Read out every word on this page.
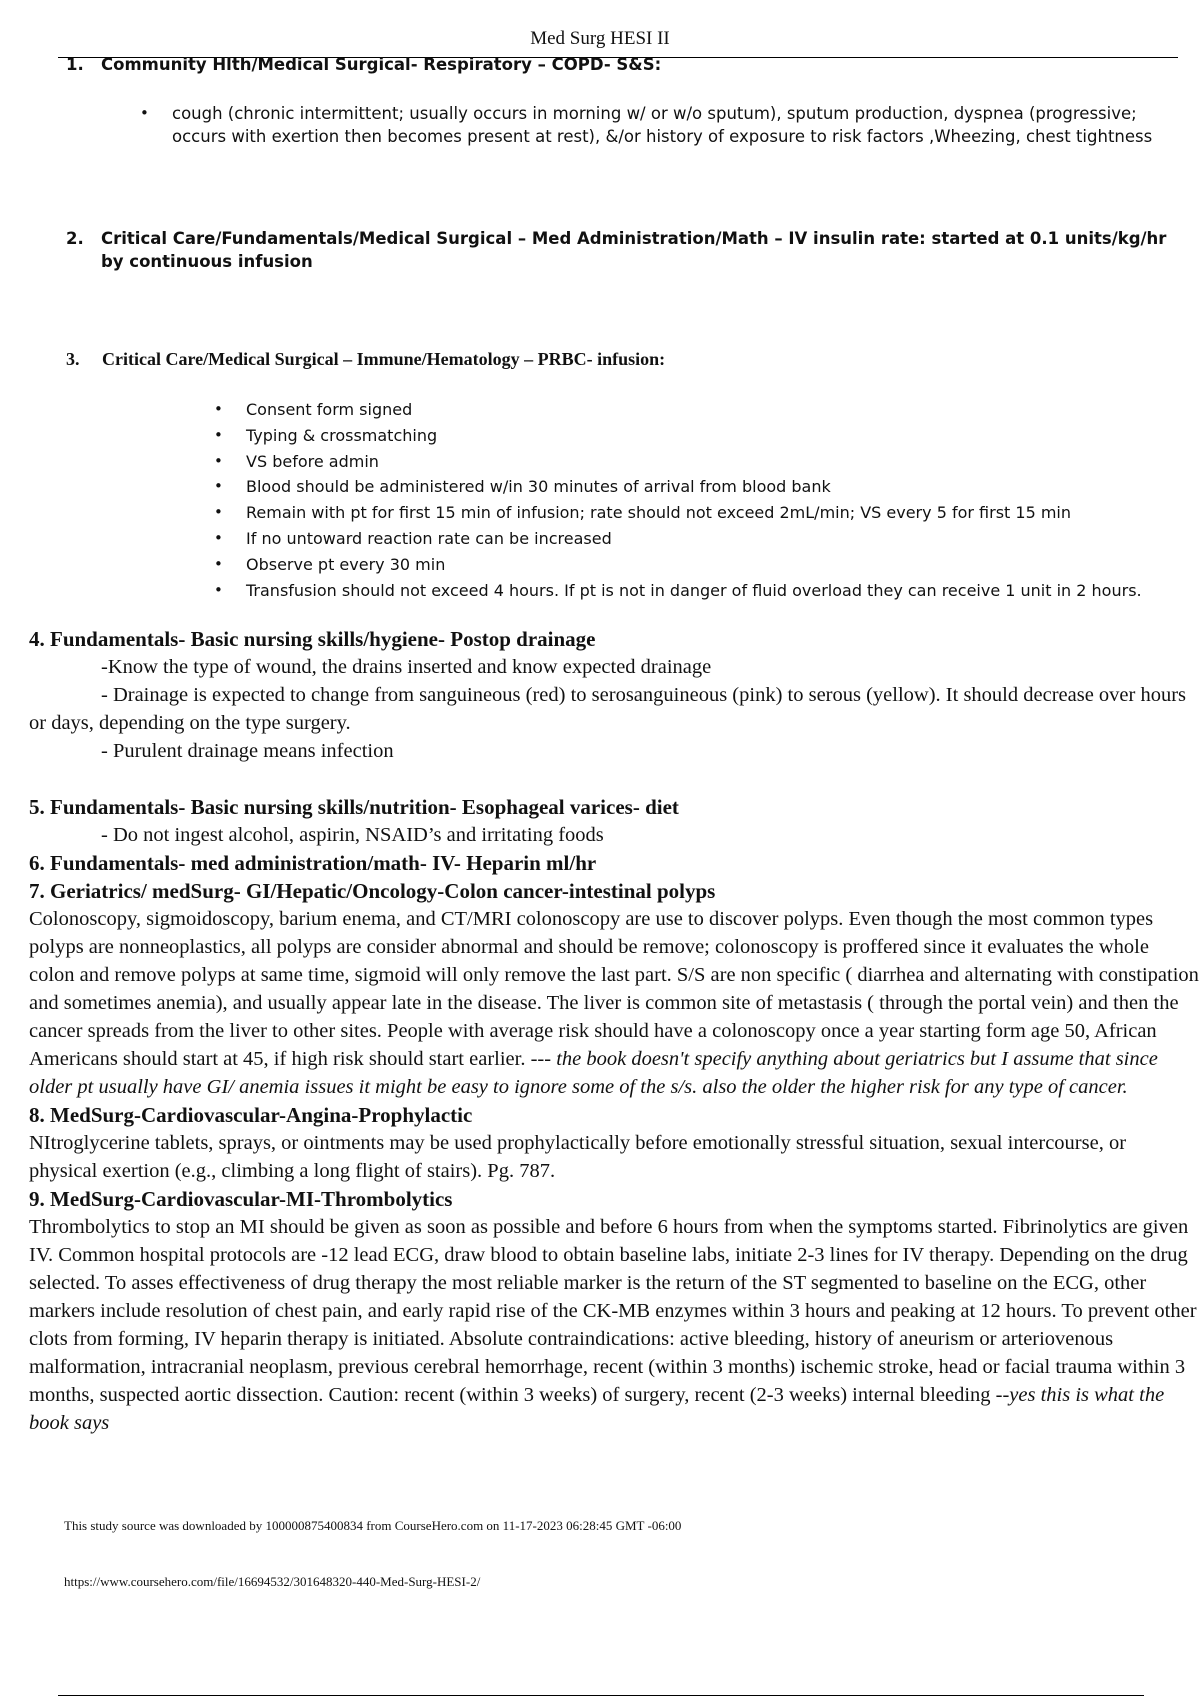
Med Surg HESI II
1. Community Hlth/Medical Surgical- Respiratory – COPD- S&S:
• cough (chronic intermittent; usually occurs in morning w/ or w/o sputum), sputum production, dyspnea (progressive; occurs with exertion then becomes present at rest), &/or history of exposure to risk factors ,Wheezing, chest tightness
2. Critical Care/Fundamentals/Medical Surgical – Med Administration/Math – IV insulin rate: started at 0.1 units/kg/hr by continuous infusion
3. Critical Care/Medical Surgical – Immune/Hematology – PRBC- infusion:
• Consent form signed
• Typing & crossmatching
• VS before admin
• Blood should be administered w/in 30 minutes of arrival from blood bank
• Remain with pt for first 15 min of infusion; rate should not exceed 2mL/min; VS every 5 for first 15 min
• If no untoward reaction rate can be increased
• Observe pt every 30 min
• Transfusion should not exceed 4 hours. If pt is not in danger of fluid overload they can receive 1 unit in 2 hours.
4. Fundamentals- Basic nursing skills/hygiene- Postop drainage
-Know the type of wound, the drains inserted and know expected drainage
- Drainage is expected to change from sanguineous (red) to serosanguineous (pink) to serous (yellow). It should decrease over hours or days, depending on the type surgery.
- Purulent drainage means infection
5. Fundamentals- Basic nursing skills/nutrition- Esophageal varices- diet
- Do not ingest alcohol, aspirin, NSAID’s and irritating foods
6. Fundamentals- med administration/math- IV- Heparin ml/hr
7. Geriatrics/ medSurg- GI/Hepatic/Oncology-Colon cancer-intestinal polyps
Colonoscopy, sigmoidoscopy, barium enema, and CT/MRI colonoscopy are use to discover polyps. Even though the most common types polyps are nonneoplastics, all polyps are consider abnormal and should be remove; colonoscopy is proffered since it evaluates the whole colon and remove polyps at same time, sigmoid will only remove the last part. S/S are non specific ( diarrhea and alternating with constipation and sometimes anemia), and usually appear late in the disease. The liver is common site of metastasis ( through the portal vein) and then the cancer spreads from the liver to other sites. People with average risk should have a colonoscopy once a year starting form age 50, African Americans should start at 45, if high risk should start earlier. --- the book doesn't specify anything about geriatrics but I assume that since older pt usually have GI/ anemia issues it might be easy to ignore some of the s/s. also the older the higher risk for any type of cancer.
8. MedSurg-Cardiovascular-Angina-Prophylactic
NItroglycerine tablets, sprays, or ointments may be used prophylactically before emotionally stressful situation, sexual intercourse, or physical exertion (e.g., climbing a long flight of stairs). Pg. 787.
9. MedSurg-Cardiovascular-MI-Thrombolytics
Thrombolytics to stop an MI should be given as soon as possible and before 6 hours from when the symptoms started. Fibrinolytics are given IV. Common hospital protocols are -12 lead ECG, draw blood to obtain baseline labs, initiate 2-3 lines for IV therapy. Depending on the drug selected. To asses effectiveness of drug therapy the most reliable marker is the return of the ST segmented to baseline on the ECG, other markers include resolution of chest pain, and early rapid rise of the CK-MB enzymes within 3 hours and peaking at 12 hours. To prevent other clots from forming, IV heparin therapy is initiated. Absolute contraindications: active bleeding, history of aneurism or arteriovenous malformation, intracranial neoplasm, previous cerebral hemorrhage, recent (within 3 months) ischemic stroke, head or facial trauma within 3 months, suspected aortic dissection. Caution: recent (within 3 weeks) of surgery, recent (2-3 weeks) internal bleeding --yes this is what the book says
This study source was downloaded by 100000875400834 from CourseHero.com on 11-17-2023 06:28:45 GMT -06:00
https://www.coursehero.com/file/16694532/301648320-440-Med-Surg-HESI-2/
